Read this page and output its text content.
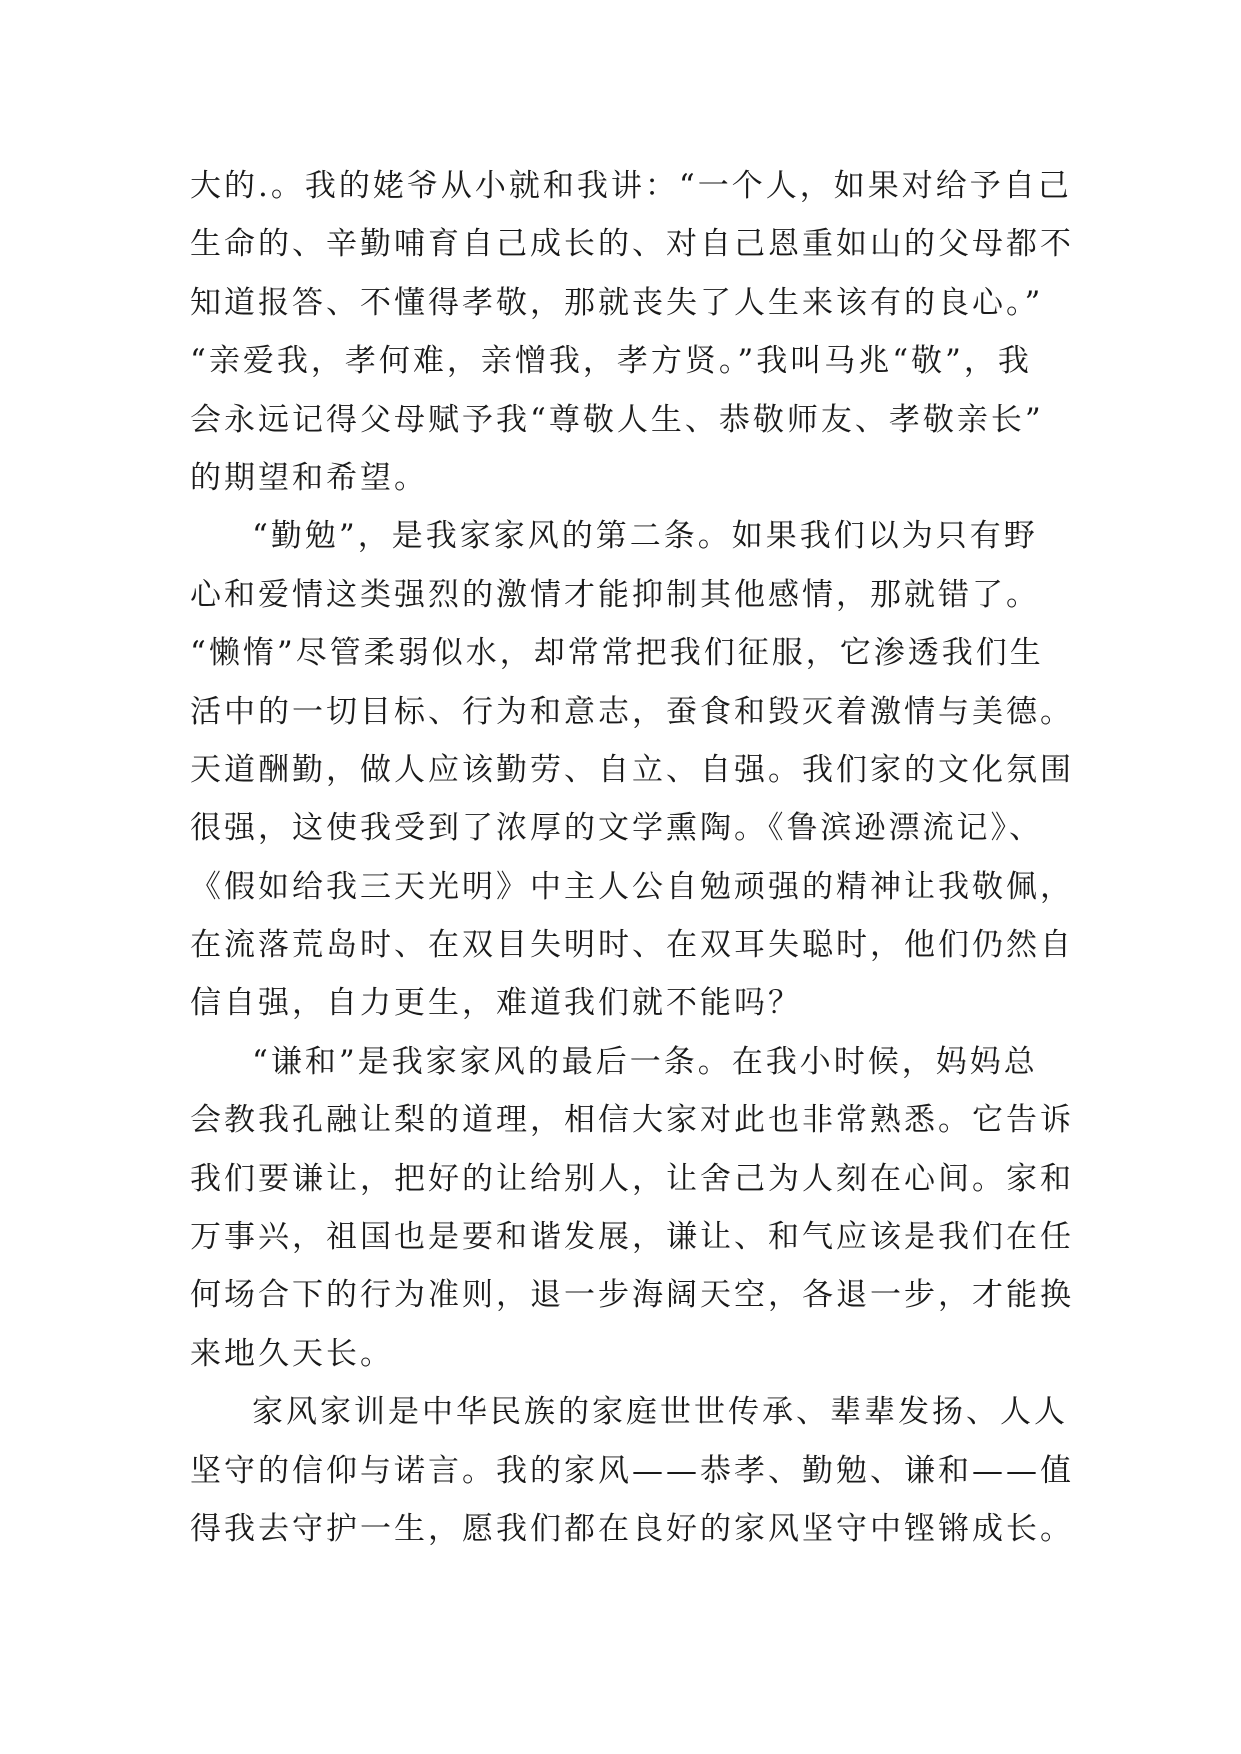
大的.。我的姥爷从小就和我讲：“一个人，如果对给予自己
生命的、辛勤哺育自己成长的、对自己恩重如山的父母都不
知道报答、不懂得孝敬，那就丧失了人生来该有的良心。”
“亲爱我，孝何难，亲憎我，孝方贤。”我叫马兆“敬”，我
会永远记得父母赋予我“尊敬人生、恭敬师友、孝敬亲长”
的期望和希望。
“勤勉”，是我家家风的第二条。如果我们以为只有野
心和爱情这类强烈的激情才能抑制其他感情，那就错了。
“懒惰”尽管柔弱似水，却常常把我们征服，它渗透我们生
活中的一切目标、行为和意志，蚕食和毁灭着激情与美德。
天道酬勤，做人应该勤劳、自立、自强。我们家的文化氛围
很强，这使我受到了浓厚的文学熏陶。《鲁滨逊漂流记》、
《假如给我三天光明》中主人公自勉顽强的精神让我敬佩，
在流落荒岛时、在双目失明时、在双耳失聪时，他们仍然自
信自强，自力更生，难道我们就不能吗？
“谦和”是我家家风的最后一条。在我小时候，妈妈总
会教我孔融让梨的道理，相信大家对此也非常熟悉。它告诉
我们要谦让，把好的让给别人，让舍己为人刻在心间。家和
万事兴，祖国也是要和谐发展，谦让、和气应该是我们在任
何场合下的行为准则，退一步海阔天空，各退一步，才能换
来地久天长。
家风家训是中华民族的家庭世世传承、辈辈发扬、人人
坚守的信仰与诺言。我的家风——恭孝、勤勉、谦和——值
得我去守护一生，愿我们都在良好的家风坚守中铿锵成长。
